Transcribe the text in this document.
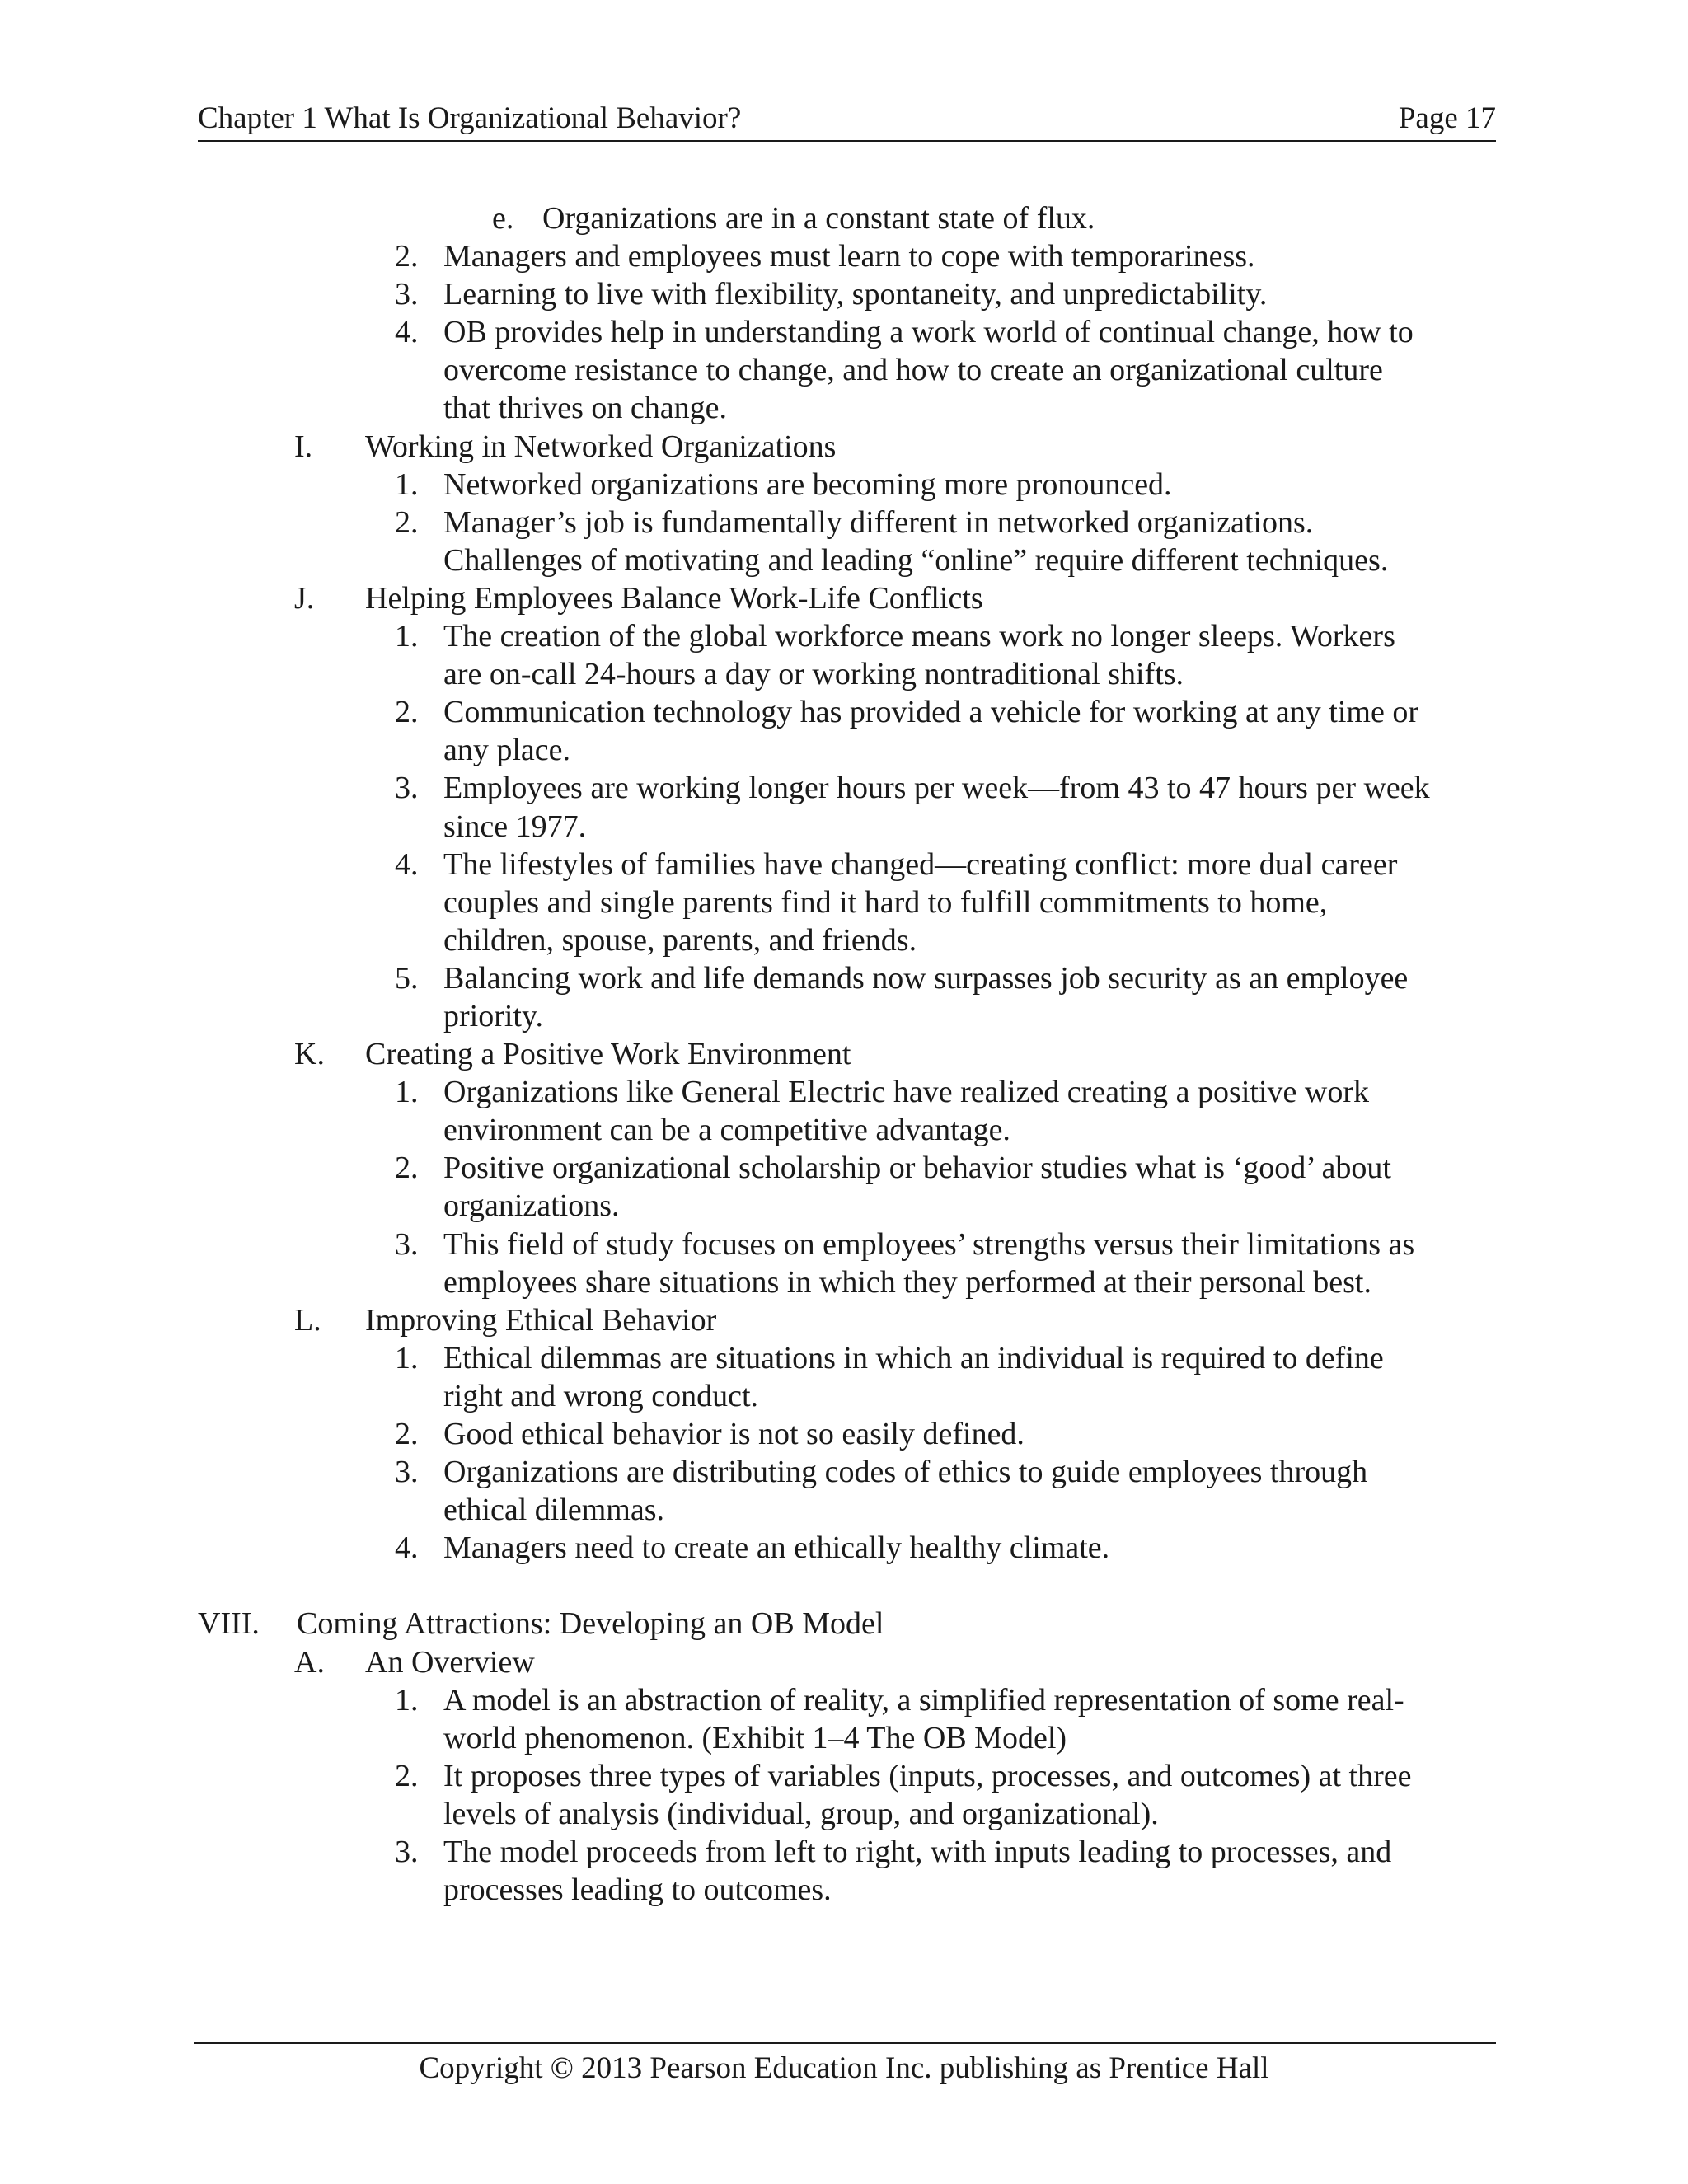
Chapter 1 What Is Organizational Behavior?	Page 17
e. Organizations are in a constant state of flux.
2. Managers and employees must learn to cope with temporariness.
3. Learning to live with flexibility, spontaneity, and unpredictability.
4. OB provides help in understanding a work world of continual change, how to
overcome resistance to change, and how to create an organizational culture
that thrives on change.
I. Working in Networked Organizations
1. Networked organizations are becoming more pronounced.
2. Manager’s job is fundamentally different in networked organizations.
Challenges of motivating and leading “online” require different techniques.
J. Helping Employees Balance Work-Life Conflicts
1. The creation of the global workforce means work no longer sleeps. Workers
are on-call 24-hours a day or working nontraditional shifts.
2. Communication technology has provided a vehicle for working at any time or
any place.
3. Employees are working longer hours per week—from 43 to 47 hours per week
since 1977.
4. The lifestyles of families have changed—creating conflict: more dual career
couples and single parents find it hard to fulfill commitments to home,
children, spouse, parents, and friends.
5. Balancing work and life demands now surpasses job security as an employee
priority.
K. Creating a Positive Work Environment
1. Organizations like General Electric have realized creating a positive work
environment can be a competitive advantage.
2. Positive organizational scholarship or behavior studies what is ‘good’ about
organizations.
3. This field of study focuses on employees’ strengths versus their limitations as
employees share situations in which they performed at their personal best.
L. Improving Ethical Behavior
1. Ethical dilemmas are situations in which an individual is required to define
right and wrong conduct.
2. Good ethical behavior is not so easily defined.
3. Organizations are distributing codes of ethics to guide employees through
ethical dilemmas.
4. Managers need to create an ethically healthy climate.
VIII. Coming Attractions: Developing an OB Model
A. An Overview
1. A model is an abstraction of reality, a simplified representation of some real-
world phenomenon. (Exhibit 1–4 The OB Model)
2. It proposes three types of variables (inputs, processes, and outcomes) at three
levels of analysis (individual, group, and organizational).
3. The model proceeds from left to right, with inputs leading to processes, and
processes leading to outcomes.
Copyright © 2013 Pearson Education Inc. publishing as Prentice Hall
